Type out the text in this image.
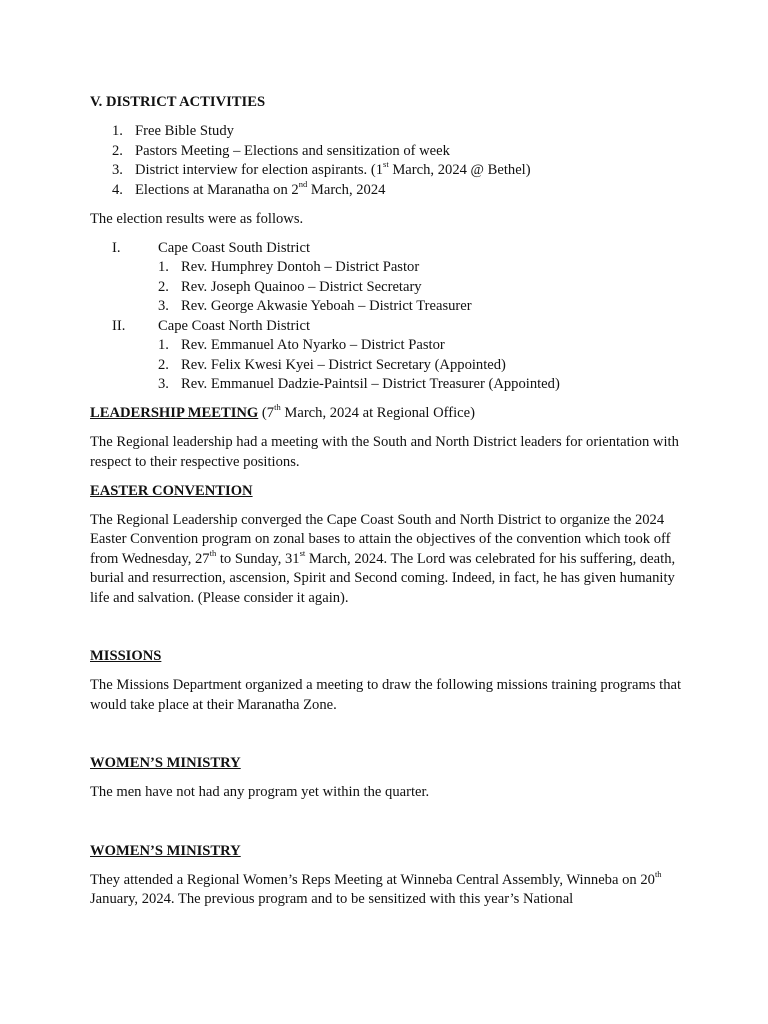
V. DISTRICT ACTIVITIES

1. Free Bible Study
2. Pastors Meeting – Elections and sensitization of week
3. District interview for election aspirants. (1st March, 2024 @ Bethel)
4. Elections at Maranatha on 2nd March, 2024

The election results were as follows.

I.	Cape Coast South District
1. Rev. Humphrey Dontoh – District Pastor
2. Rev. Joseph Quainoo – District Secretary
3. Rev. George Akwasie Yeboah – District Treasurer
II. Cape Coast North District
1. Rev. Emmanuel Ato Nyarko – District Pastor
2. Rev. Felix Kwesi Kyei – District Secretary (Appointed)
3. Rev. Emmanuel Dadzie-Paintsil – District Treasurer (Appointed)

LEADERSHIP MEETING (7th March, 2024 at Regional Office)

The Regional leadership had a meeting with the South and North District leaders for orientation with respect to their respective positions.

EASTER CONVENTION

The Regional Leadership converged the Cape Coast South and North District to organize the 2024 Easter Convention program on zonal bases to attain the objectives of the convention which took off from Wednesday, 27th to Sunday, 31st March, 2024. The Lord was celebrated for his suffering, death, burial and resurrection, ascension, Spirit and Second coming. Indeed, in fact, he has given humanity life and salvation. (Please consider it again).

MISSIONS

The Missions Department organized a meeting to draw the following missions training programs that would take place at their Maranatha Zone.

WOMEN’S MINISTRY

The men have not had any program yet within the quarter.

WOMEN’S MINISTRY

They attended a Regional Women’s Reps Meeting at Winneba Central Assembly, Winneba on 20th January, 2024. The previous program and to be sensitized with this year’s National
